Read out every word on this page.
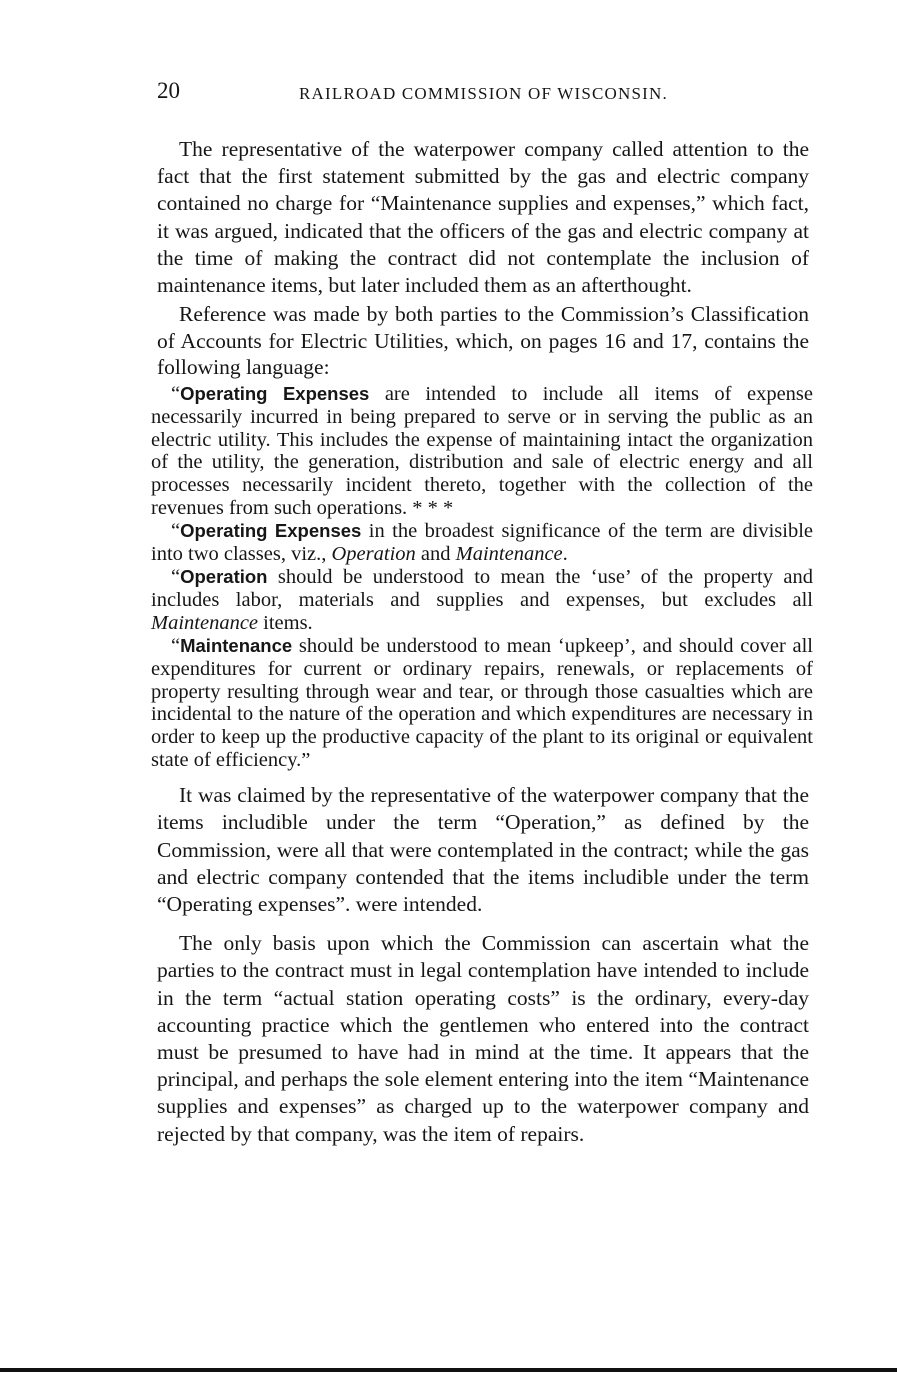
20	RAILROAD COMMISSION OF WISCONSIN.

The representative of the waterpower company called attention to the fact that the first statement submitted by the gas and electric company contained no charge for “Maintenance supplies and expenses,” which fact, it was argued, indicated that the officers of the gas and electric company at the time of making the contract did not contemplate the inclusion of maintenance items, but later included them as an afterthought.

Reference was made by both parties to the Commission’s Classification of Accounts for Electric Utilities, which, on pages 16 and 17, contains the following language:

“Operating Expenses are intended to include all items of expense necessarily incurred in being prepared to serve or in serving the public as an electric utility. This includes the expense of maintaining intact the organization of the utility, the generation, distribution and sale of electric energy and all processes necessarily incident thereto, together with the collection of the revenues from such operations. * * *

“Operating Expenses in the broadest significance of the term are divisible into two classes, viz., Operation and Maintenance.

“Operation should be understood to mean the ‘use’ of the property and includes labor, materials and supplies and expenses, but excludes all Maintenance items.

“Maintenance should be understood to mean ‘upkeep’, and should cover all expenditures for current or ordinary repairs, renewals, or replacements of property resulting through wear and tear, or through those casualties which are incidental to the nature of the operation and which expenditures are necessary in order to keep up the productive capacity of the plant to its original or equivalent state of efficiency.”

It was claimed by the representative of the waterpower company that the items includible under the term “Operation,” as defined by the Commission, were all that were contemplated in the contract; while the gas and electric company contended that the items includible under the term “Operating expenses”. were intended.

The only basis upon which the Commission can ascertain what the parties to the contract must in legal contemplation have intended to include in the term “actual station operating costs” is the ordinary, every-day accounting practice which the gentlemen who entered into the contract must be presumed to have had in mind at the time. It appears that the principal, and perhaps the sole element entering into the item “Maintenance supplies and expenses” as charged up to the waterpower company and rejected by that company, was the item of repairs.
